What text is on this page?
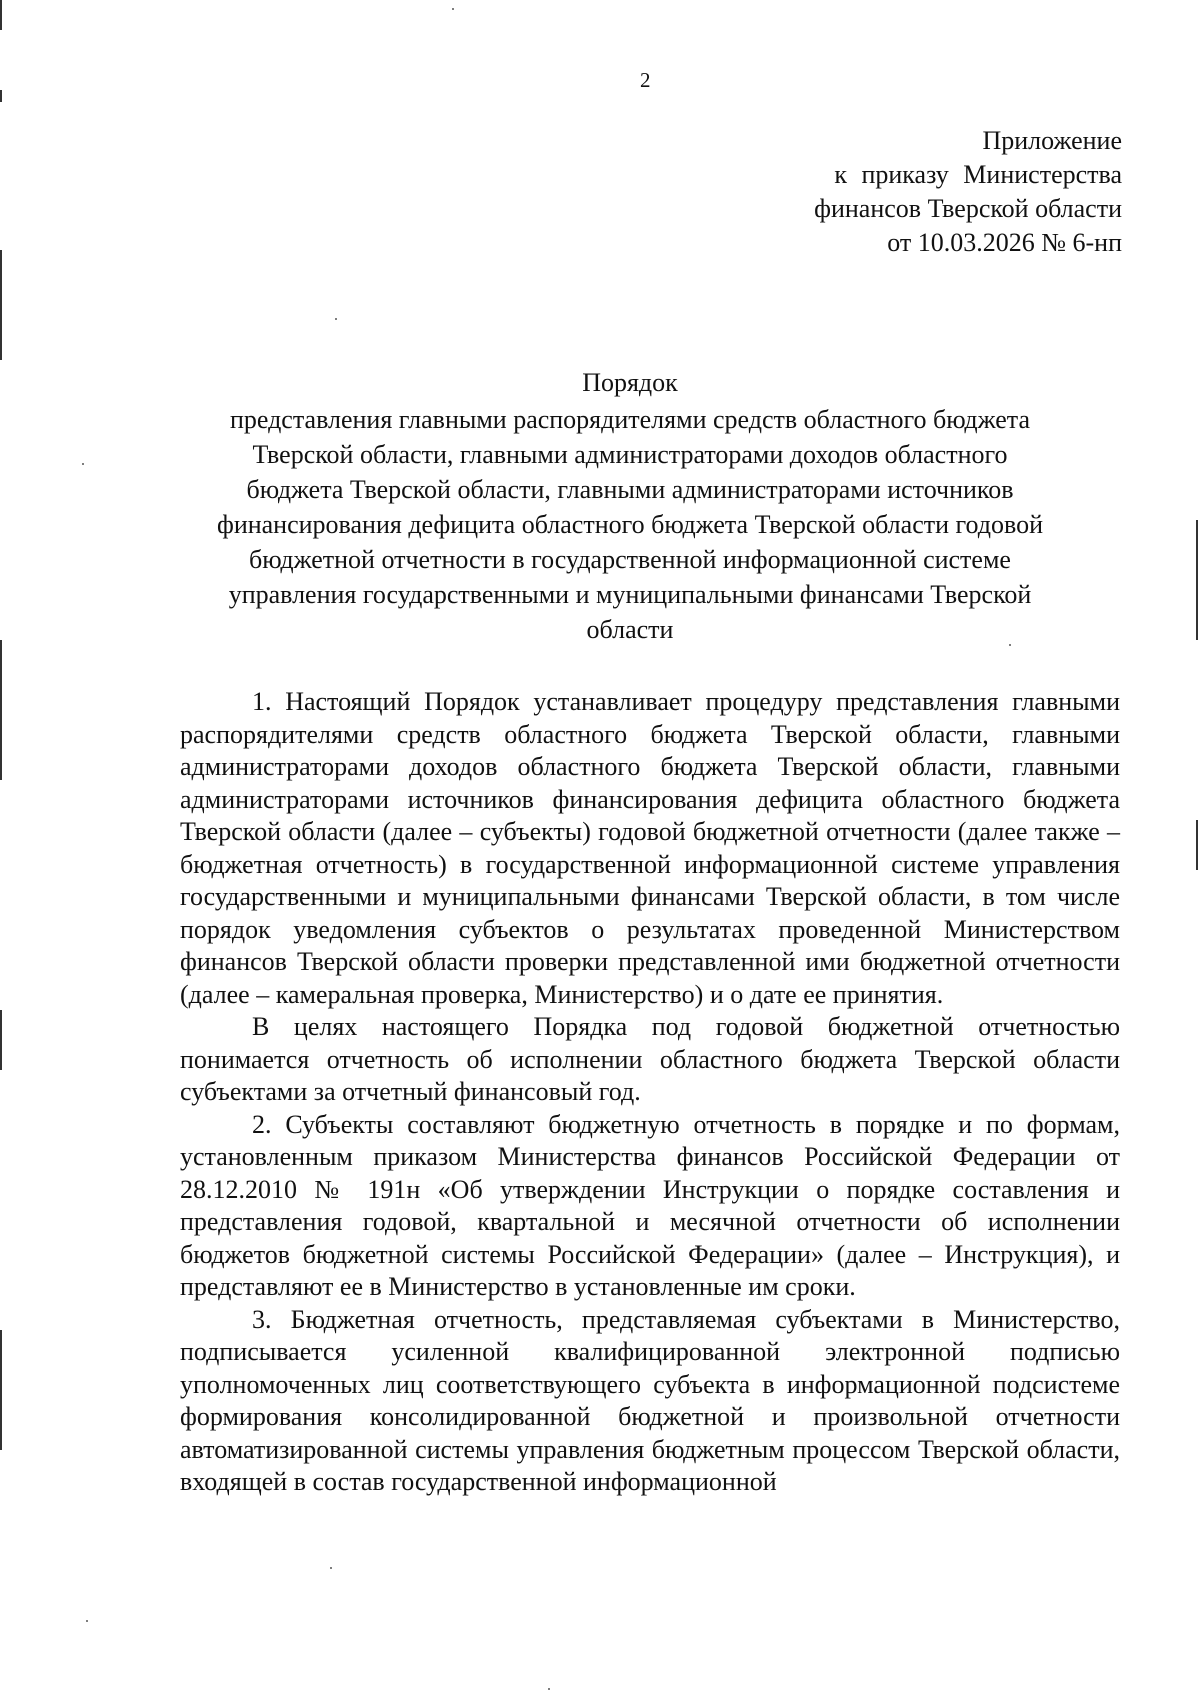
2
Приложение
к приказу Министерства
финансов Тверской области
от 10.03.2026 № 6-нп
Порядок
представления главными распорядителями средств областного бюджета
Тверской области, главными администраторами доходов областного
бюджета Тверской области, главными администраторами источников
финансирования дефицита областного бюджета Тверской области годовой
бюджетной отчетности в государственной информационной системе
управления государственными и муниципальными финансами Тверской
области

1. Настоящий Порядок устанавливает процедуру представления главными распорядителями средств областного бюджета Тверской области, главными администраторами доходов областного бюджета Тверской области, главными администраторами источников финансирования дефицита областного бюджета Тверской области (далее – субъекты) годовой бюджетной отчетности (далее также – бюджетная отчетность) в государственной информационной системе управления государственными и муниципальными финансами Тверской области, в том числе порядок уведомления субъектов о результатах проведенной Министерством финансов Тверской области проверки представленной ими бюджетной отчетности (далее – камеральная проверка, Министерство) и о дате ее принятия.

В целях настоящего Порядка под годовой бюджетной отчетностью понимается отчетность об исполнении областного бюджета Тверской области субъектами за отчетный финансовый год.

2. Субъекты составляют бюджетную отчетность в порядке и по формам, установленным приказом Министерства финансов Российской Федерации от 28.12.2010 № 191н «Об утверждении Инструкции о порядке составления и представления годовой, квартальной и месячной отчетности об исполнении бюджетов бюджетной системы Российской Федерации» (далее – Инструкция), и представляют ее в Министерство в установленные им сроки.

3. Бюджетная отчетность, представляемая субъектами в Министерство, подписывается усиленной квалифицированной электронной подписью уполномоченных лиц соответствующего субъекта в информационной подсистеме формирования консолидированной бюджетной и произвольной отчетности автоматизированной системы управления бюджетным процессом Тверской области, входящей в состав государственной информационной
